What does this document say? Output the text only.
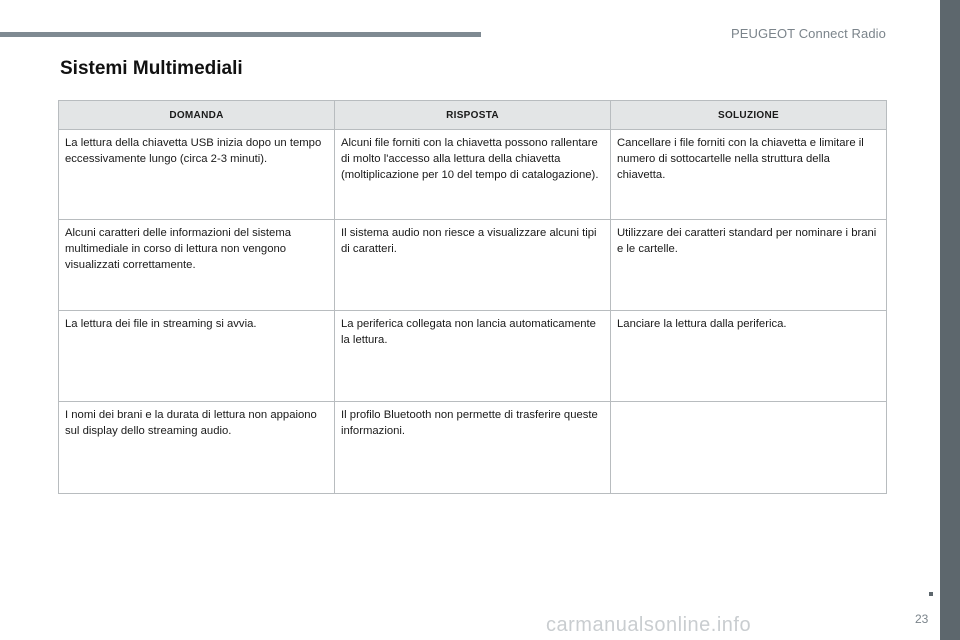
PEUGEOT Connect Radio
Sistemi Multimediali
DOMANDA	RISPOSTA	SOLUZIONE
La lettura della chiavetta USB inizia dopo un tempo eccessivamente lungo (circa 2-3 minuti).	Alcuni file forniti con la chiavetta possono rallentare di molto l'accesso alla lettura della chiavetta (moltiplicazione per 10 del tempo di catalogazione).	Cancellare i file forniti con la chiavetta e limitare il numero di sottocartelle nella struttura della chiavetta.
Alcuni caratteri delle informazioni del sistema multimediale in corso di lettura non vengono visualizzati correttamente.	Il sistema audio non riesce a visualizzare alcuni tipi di caratteri.	Utilizzare dei caratteri standard per nominare i brani e le cartelle.
La lettura dei file in streaming si avvia.	La periferica collegata non lancia automaticamente la lettura.	Lanciare la lettura dalla periferica.
I nomi dei brani e la durata di lettura non appaiono sul display dello streaming audio.	Il profilo Bluetooth non permette di trasferire queste informazioni.	
23
carmanualsonline.info
